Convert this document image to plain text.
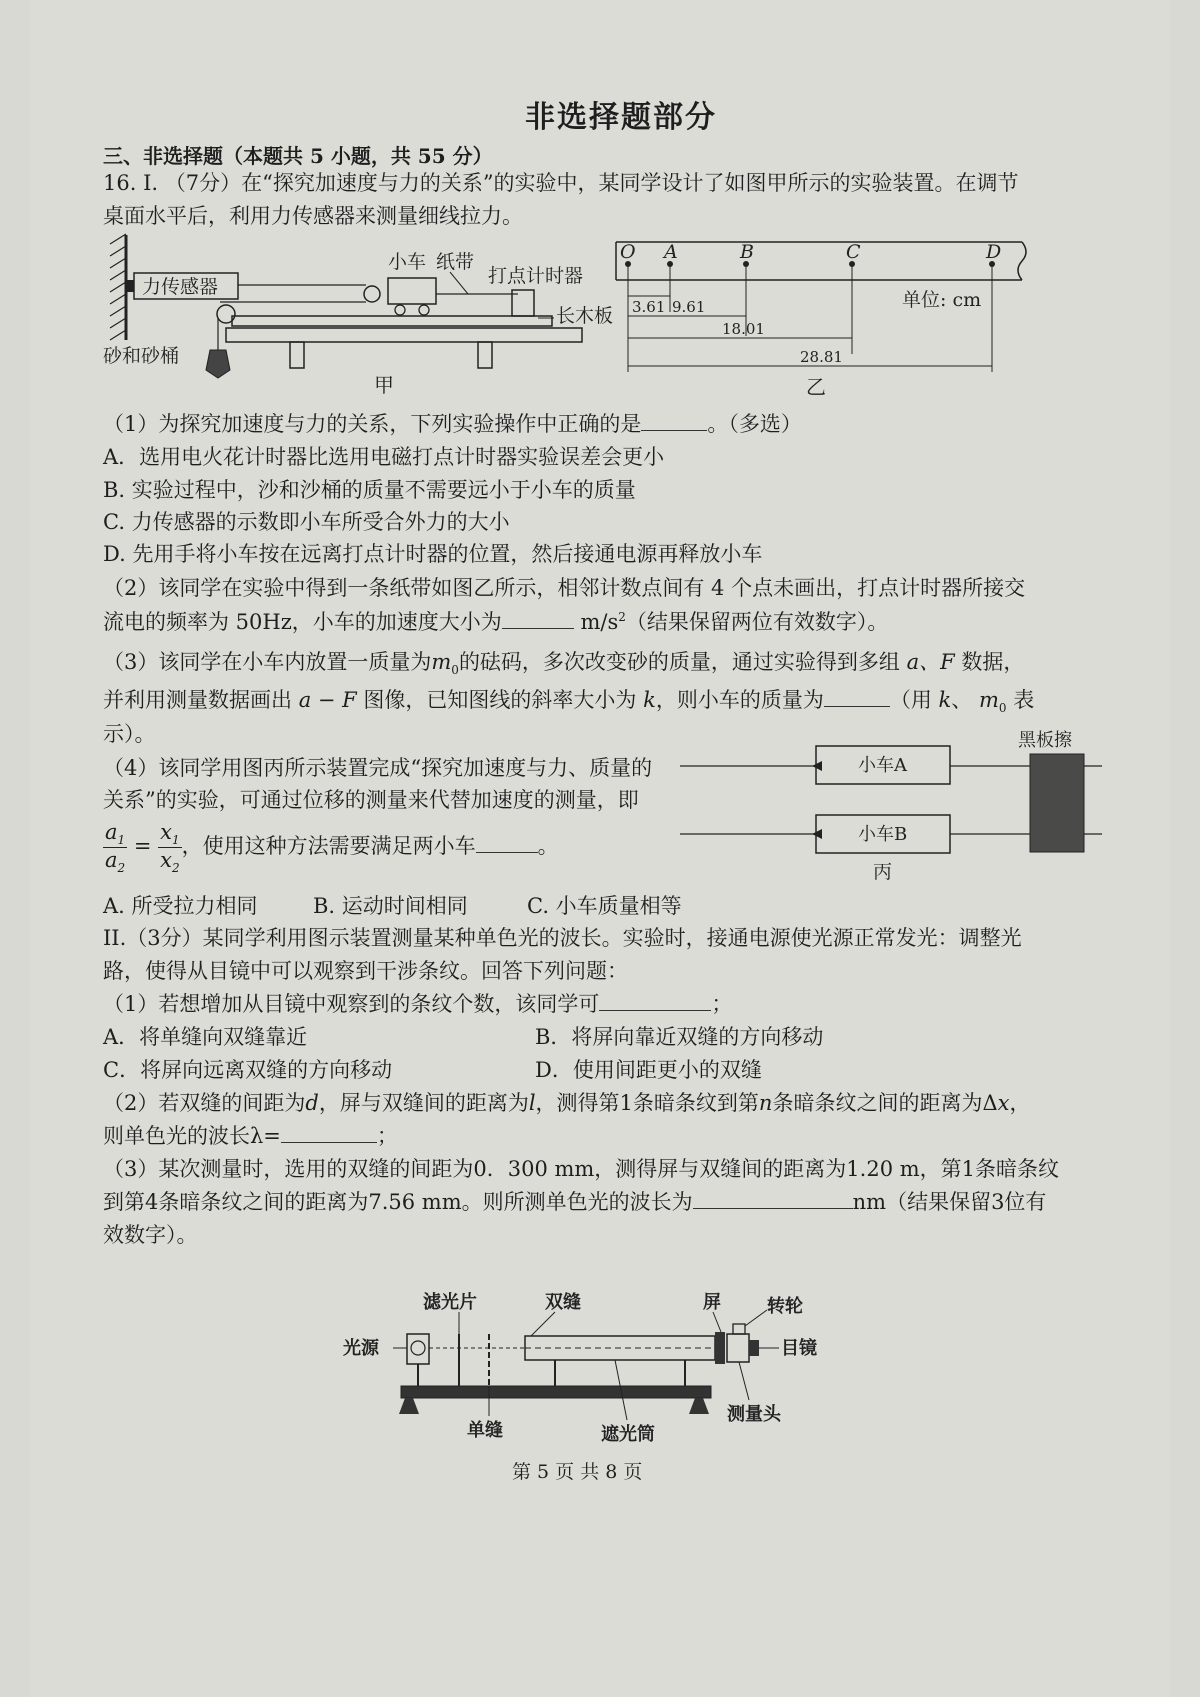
非选择题部分
三、非选择题（本题共 5 小题，共 55 分）
16. I. （7分）在“探究加速度与力的关系”的实验中，某同学设计了如图甲所示的实验装置。在调节
桌面水平后，利用力传感器来测量细线拉力。
力传感器
小车 纸带
打点计时器
长木板
砂和砂桶
甲
O A	B	C	D
3.61 9.61
18.01
28.81
单位: cm
乙
（1）为探究加速度与力的关系，下列实验操作中正确的是	。（多选）
A．选用电火花计时器比选用电磁打点计时器实验误差会更小
B. 实验过程中，沙和沙桶的质量不需要远小于小车的质量
C. 力传感器的示数即小车所受合外力的大小
D. 先用手将小车按在远离打点计时器的位置，然后接通电源再释放小车
（2）该同学在实验中得到一条纸带如图乙所示，相邻计数点间有 4 个点未画出，打点计时器所接交
流电的频率为 50Hz，小车的加速度大小为	$m/s^2$（结果保留两位有效数字）。
（3）该同学在小车内放置一质量为$m_0$的砝码，多次改变砂的质量，通过实验得到多组 a、F 数据，
并利用测量数据画出 a − F 图像，已知图线的斜率大小为 k，则小车的质量为	（用 k、 $m_0$ 表
示）。
（4）该同学用图丙所示装置完成“探究加速度与力、质量的
关系”的实验，可通过位移的测量来代替加速度的测量，即
$\frac{a_1}{a_2} = \frac{x_1}{x_2}$ ，使用这种方法需要满足两小车	。
A. 所受拉力相同	B. 运动时间相同	C. 小车质量相等
黑板擦
小车A
小车B
丙
II.（3分）某同学利用图示装置测量某种单色光的波长。实验时，接通电源使光源正常发光：调整光
路，使得从目镜中可以观察到干涉条纹。回答下列问题：
（1）若想增加从目镜中观察到的条纹个数，该同学可	；
A．将单缝向双缝靠近	B．将屏向靠近双缝的方向移动
C．将屏向远离双缝的方向移动	D．使用间距更小的双缝
（2）若双缝的间距为d，屏与双缝间的距离为l，测得第1条暗条纹到第n条暗条纹之间的距离为Δx，
则单色光的波长λ=	；
（3）某次测量时，选用的双缝的间距为0．300 mm，测得屏与双缝间的距离为1.20 m，第1条暗条纹
到第4条暗条纹之间的距离为7.56 mm。则所测单色光的波长为	nm（结果保留3位有
效数字）。
滤光片	双缝	屏	转轮
光源	目镜
单缝	遮光筒
测量头
第 5 页 共 8 页
